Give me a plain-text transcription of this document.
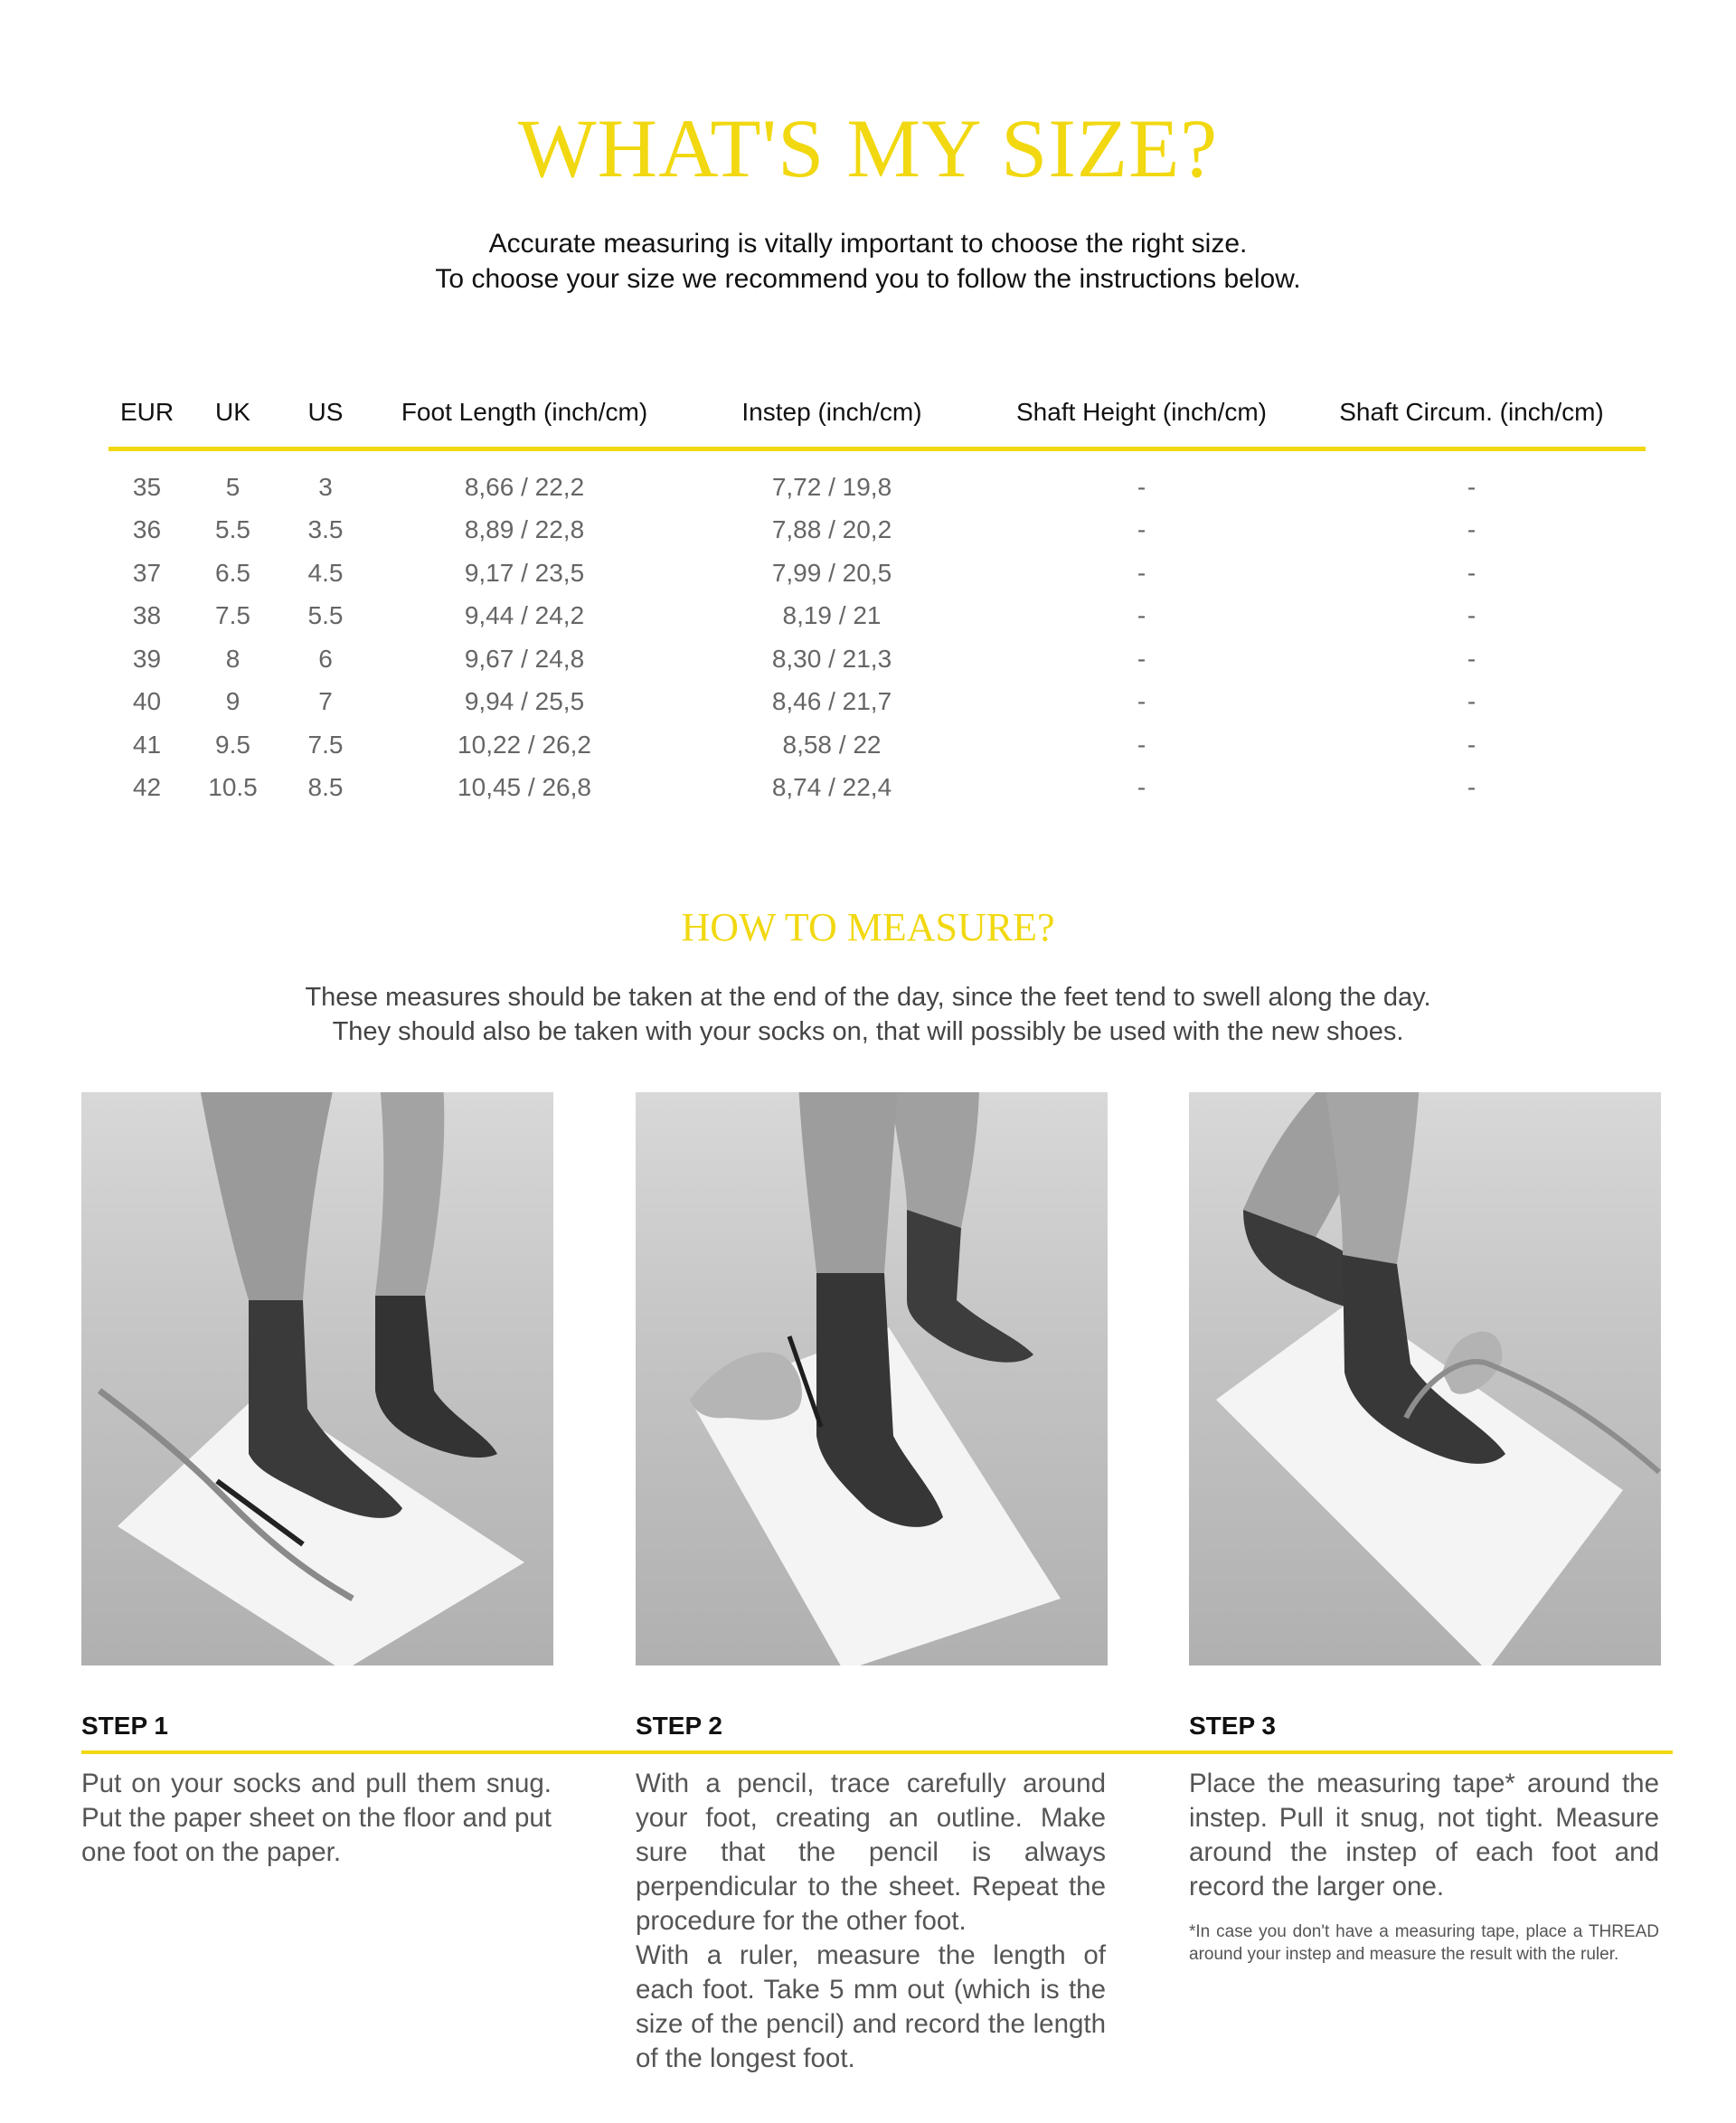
WHAT'S MY SIZE?

Accurate measuring is vitally important to choose the right size.

To choose your size we recommend you to follow the instructions below.

EUR	UK	US	Foot Length (inch/cm)	Instep (inch/cm)	Shaft Height (inch/cm)	Shaft Circum. (inch/cm)
35	5	3	8,66 / 22,2	7,72 / 19,8	-	-
36	5.5	3.5	8,89 / 22,8	7,88 / 20,2	-	-
37	6.5	4.5	9,17 / 23,5	7,99 / 20,5	-	-
38	7.5	5.5	9,44 / 24,2	8,19 / 21	-	-
39	8	6	9,67 / 24,8	8,30 / 21,3	-	-
40	9	7	9,94 / 25,5	8,46 / 21,7	-	-
41	9.5	7.5	10,22 / 26,2	8,58 / 22	-	-
42	10.5	8.5	10,45 / 26,8	8,74 / 22,4	-	-
HOW TO MEASURE?

These measures should be taken at the end of the day, since the feet tend to swell along the day.

They should also be taken with your socks on, that will possibly be used with the new shoes.

STEP 1	STEP 2	STEP 3

Put on your socks and pull them snug. Put the paper sheet on the floor and put one foot on the paper.

With a pencil, trace carefully around your foot, creating an outline. Make sure that the pencil is always perpendicular to the sheet. Repeat the procedure for the other foot.

With a ruler, measure the length of each foot. Take 5 mm out (which is the size of the pencil) and record the length of the longest foot.

Place the measuring tape* around the instep. Pull it snug, not tight. Measure around the instep of each foot and record the larger one.

*In case you don't have a measuring tape, place a THREAD around your instep and measure the result with the ruler.
